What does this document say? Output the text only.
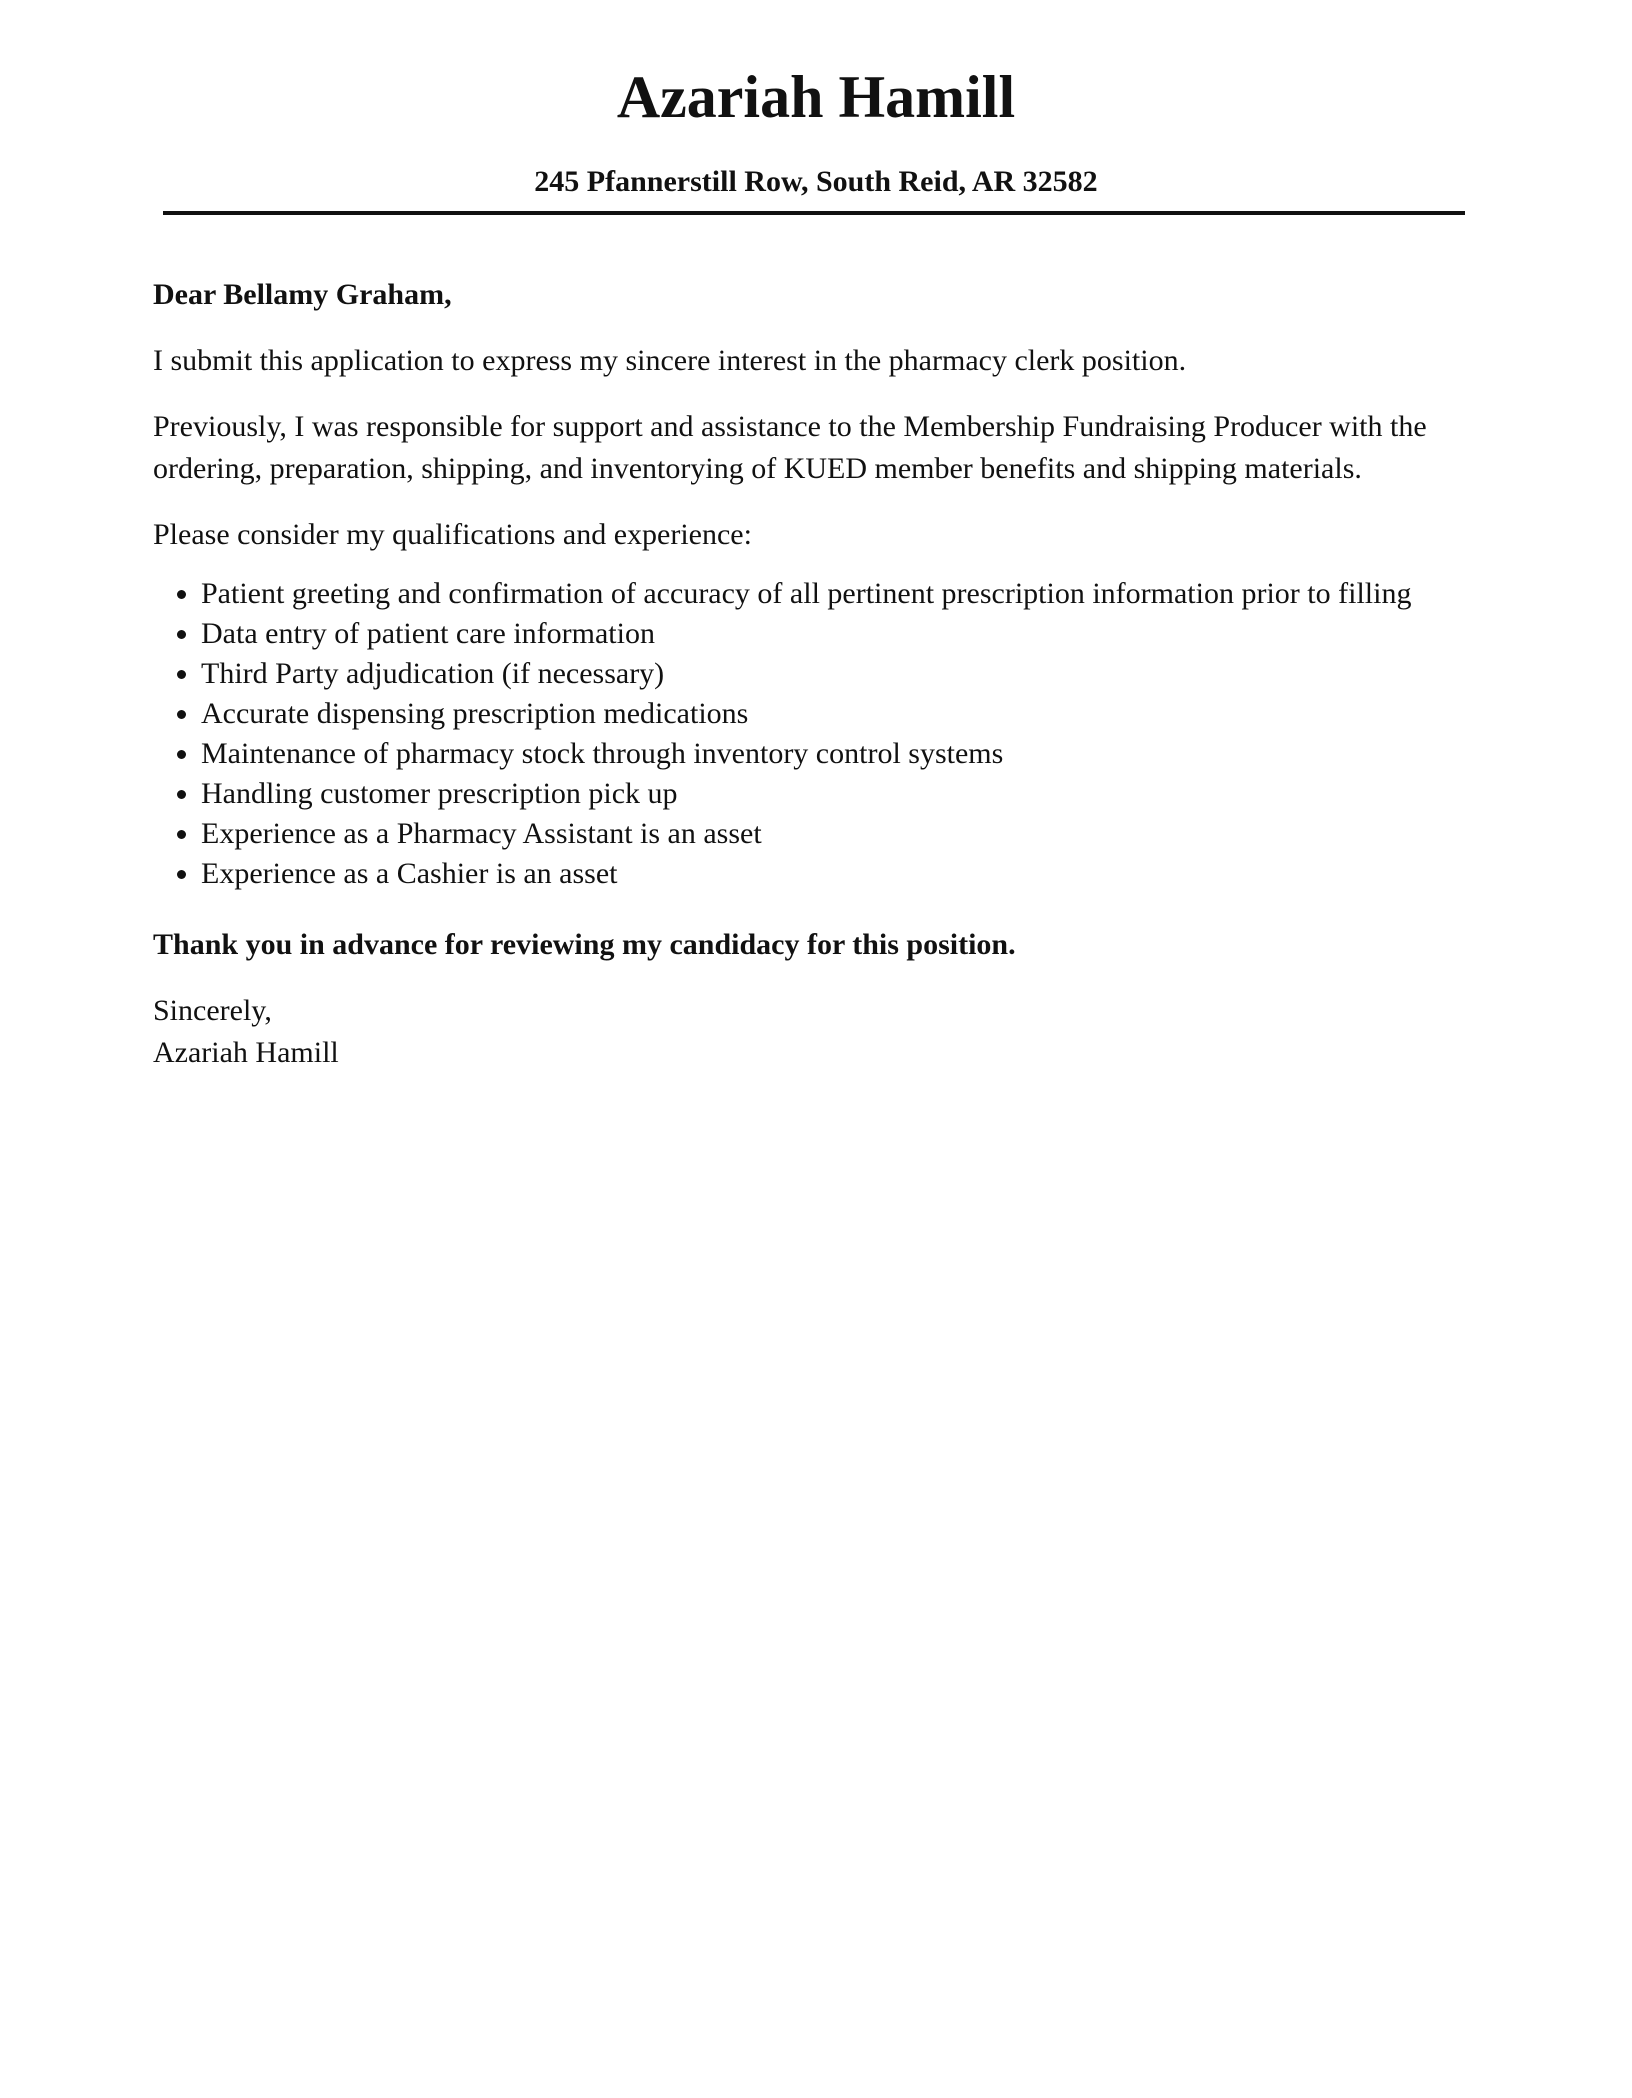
Azariah Hamill
245 Pfannerstill Row, South Reid, AR 32582

Dear Bellamy Graham,

I submit this application to express my sincere interest in the pharmacy clerk position.

Previously, I was responsible for support and assistance to the Membership Fundraising Producer with the ordering, preparation, shipping, and inventorying of KUED member benefits and shipping materials.

Please consider my qualifications and experience:

• Patient greeting and confirmation of accuracy of all pertinent prescription information prior to filling
• Data entry of patient care information
• Third Party adjudication (if necessary)
• Accurate dispensing prescription medications
• Maintenance of pharmacy stock through inventory control systems
• Handling customer prescription pick up
• Experience as a Pharmacy Assistant is an asset
• Experience as a Cashier is an asset

Thank you in advance for reviewing my candidacy for this position.

Sincerely,
Azariah Hamill
